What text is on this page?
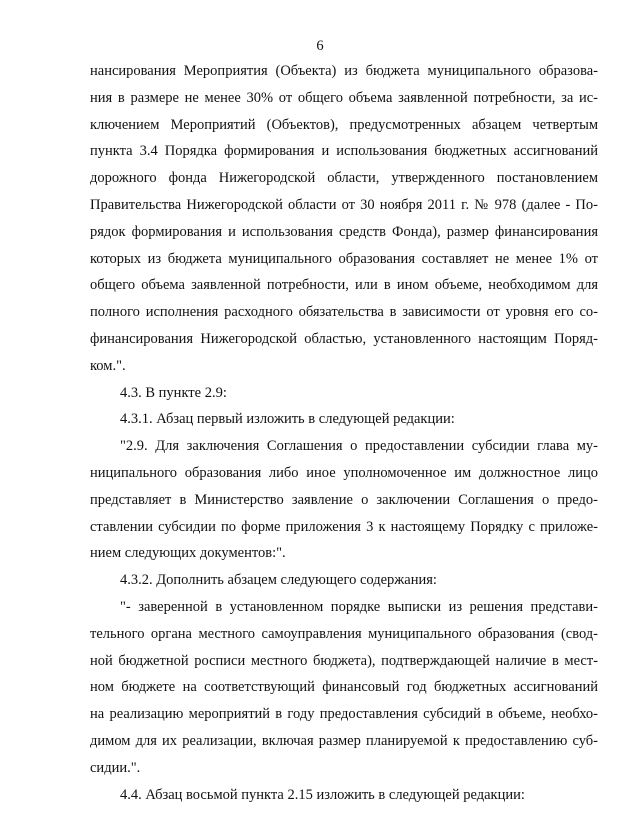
6
нансирования Мероприятия (Объекта) из бюджета муниципального образова-
ния в размере не менее 30% от общего объема заявленной потребности, за ис-
ключением Мероприятий (Объектов), предусмотренных абзацем четвертым
пункта 3.4 Порядка формирования и использования бюджетных ассигнований
дорожного фонда Нижегородской области, утвержденного постановлением
Правительства Нижегородской области от 30 ноября 2011 г. № 978 (далее - По-
рядок формирования и использования средств Фонда), размер финансирования
которых из бюджета муниципального образования составляет не менее 1% от
общего объема заявленной потребности, или в ином объеме, необходимом для
полного исполнения расходного обязательства в зависимости от уровня его со-
финансирования Нижегородской областью, установленного настоящим Поряд-
ком.".
4.3. В пункте 2.9:
4.3.1. Абзац первый изложить в следующей редакции:
"2.9. Для заключения Соглашения о предоставлении субсидии глава му-
ниципального образования либо иное уполномоченное им должностное лицо
представляет в Министерство заявление о заключении Соглашения о предо-
ставлении субсидии по форме приложения 3 к настоящему Порядку с приложе-
нием следующих документов:".
4.3.2. Дополнить абзацем следующего содержания:
"- заверенной в установленном порядке выписки из решения представи-
тельного органа местного самоуправления муниципального образования (свод-
ной бюджетной росписи местного бюджета), подтверждающей наличие в мест-
ном бюджете на соответствующий финансовый год бюджетных ассигнований
на реализацию мероприятий в году предоставления субсидий в объеме, необхо-
димом для их реализации, включая размер планируемой к предоставлению суб-
сидии.".
4.4. Абзац восьмой пункта 2.15 изложить в следующей редакции:
